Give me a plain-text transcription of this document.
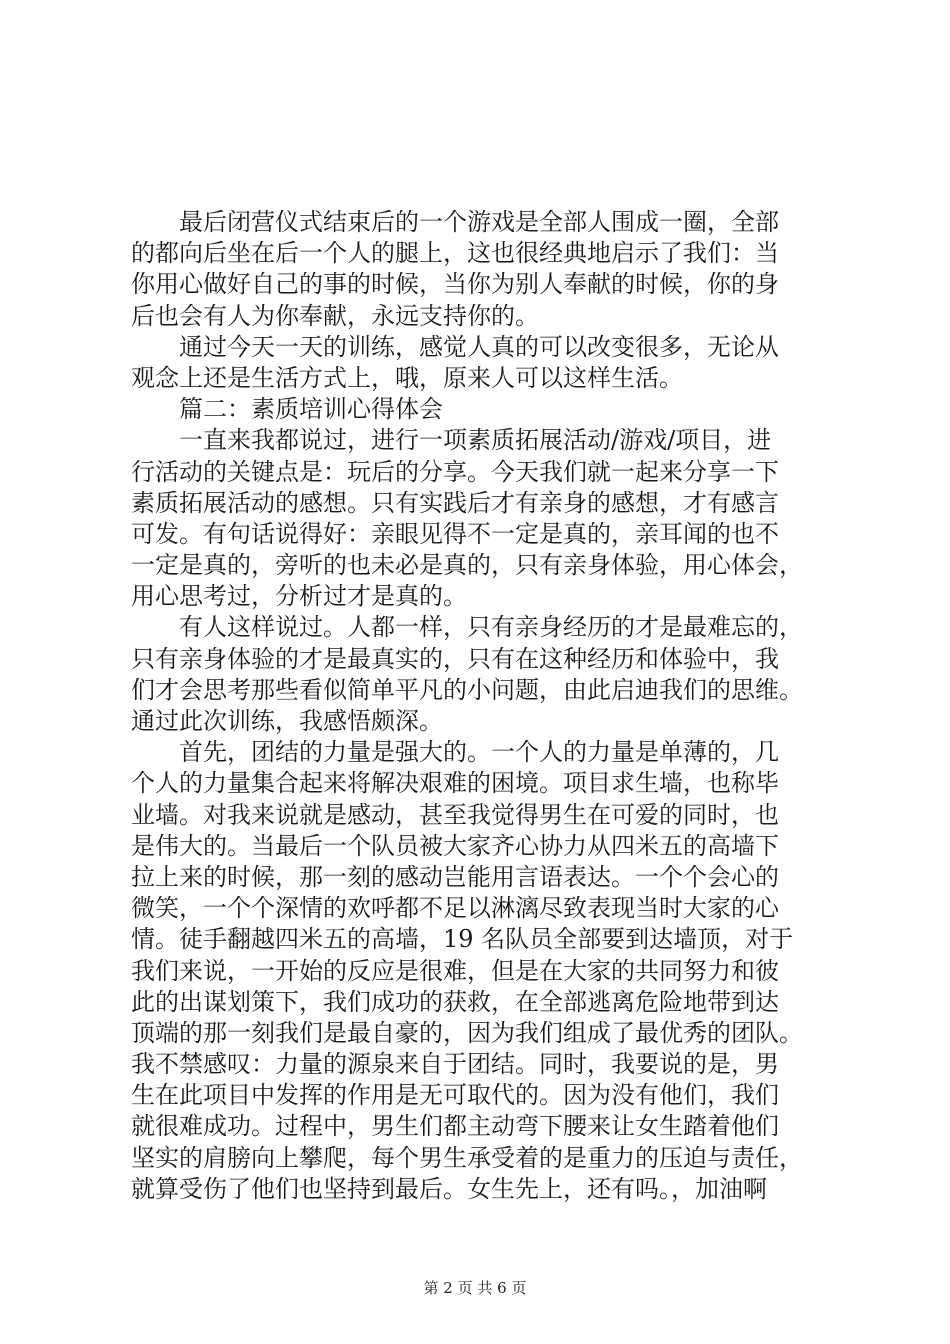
　　最后闭营仪式结束后的一个游戏是全部人围成一圈，全部
的都向后坐在后一个人的腿上，这也很经典地启示了我们：当
你用心做好自己的事的时候，当你为别人奉献的时候，你的身
后也会有人为你奉献，永远支持你的。
　　通过今天一天的训练，感觉人真的可以改变很多，无论从
观念上还是生活方式上，哦，原来人可以这样生活。
　　篇二：素质培训心得体会
　　一直来我都说过，进行一项素质拓展活动/游戏/项目，进
行活动的关键点是：玩后的分享。今天我们就一起来分享一下
素质拓展活动的感想。只有实践后才有亲身的感想，才有感言
可发。有句话说得好：亲眼见得不一定是真的，亲耳闻的也不
一定是真的，旁听的也未必是真的，只有亲身体验，用心体会，
用心思考过，分析过才是真的。
　　有人这样说过。人都一样，只有亲身经历的才是最难忘的，
只有亲身体验的才是最真实的，只有在这种经历和体验中，我
们才会思考那些看似简单平凡的小问题，由此启迪我们的思维。
通过此次训练，我感悟颇深。
　　首先，团结的力量是强大的。一个人的力量是单薄的，几
个人的力量集合起来将解决艰难的困境。项目求生墙，也称毕
业墙。对我来说就是感动，甚至我觉得男生在可爱的同时，也
是伟大的。当最后一个队员被大家齐心协力从四米五的高墙下
拉上来的时候，那一刻的感动岂能用言语表达。一个个会心的
微笑，一个个深情的欢呼都不足以淋漓尽致表现当时大家的心
情。徒手翻越四米五的高墙，19 名队员全部要到达墙顶，对于
我们来说，一开始的反应是很难，但是在大家的共同努力和彼
此的出谋划策下，我们成功的获救，在全部逃离危险地带到达
顶端的那一刻我们是最自豪的，因为我们组成了最优秀的团队。
我不禁感叹：力量的源泉来自于团结。同时，我要说的是，男
生在此项目中发挥的作用是无可取代的。因为没有他们，我们
就很难成功。过程中，男生们都主动弯下腰来让女生踏着他们
坚实的肩膀向上攀爬，每个男生承受着的是重力的压迫与责任，
就算受伤了他们也坚持到最后。女生先上，还有吗。，加油啊
第 2 页 共 6 页
